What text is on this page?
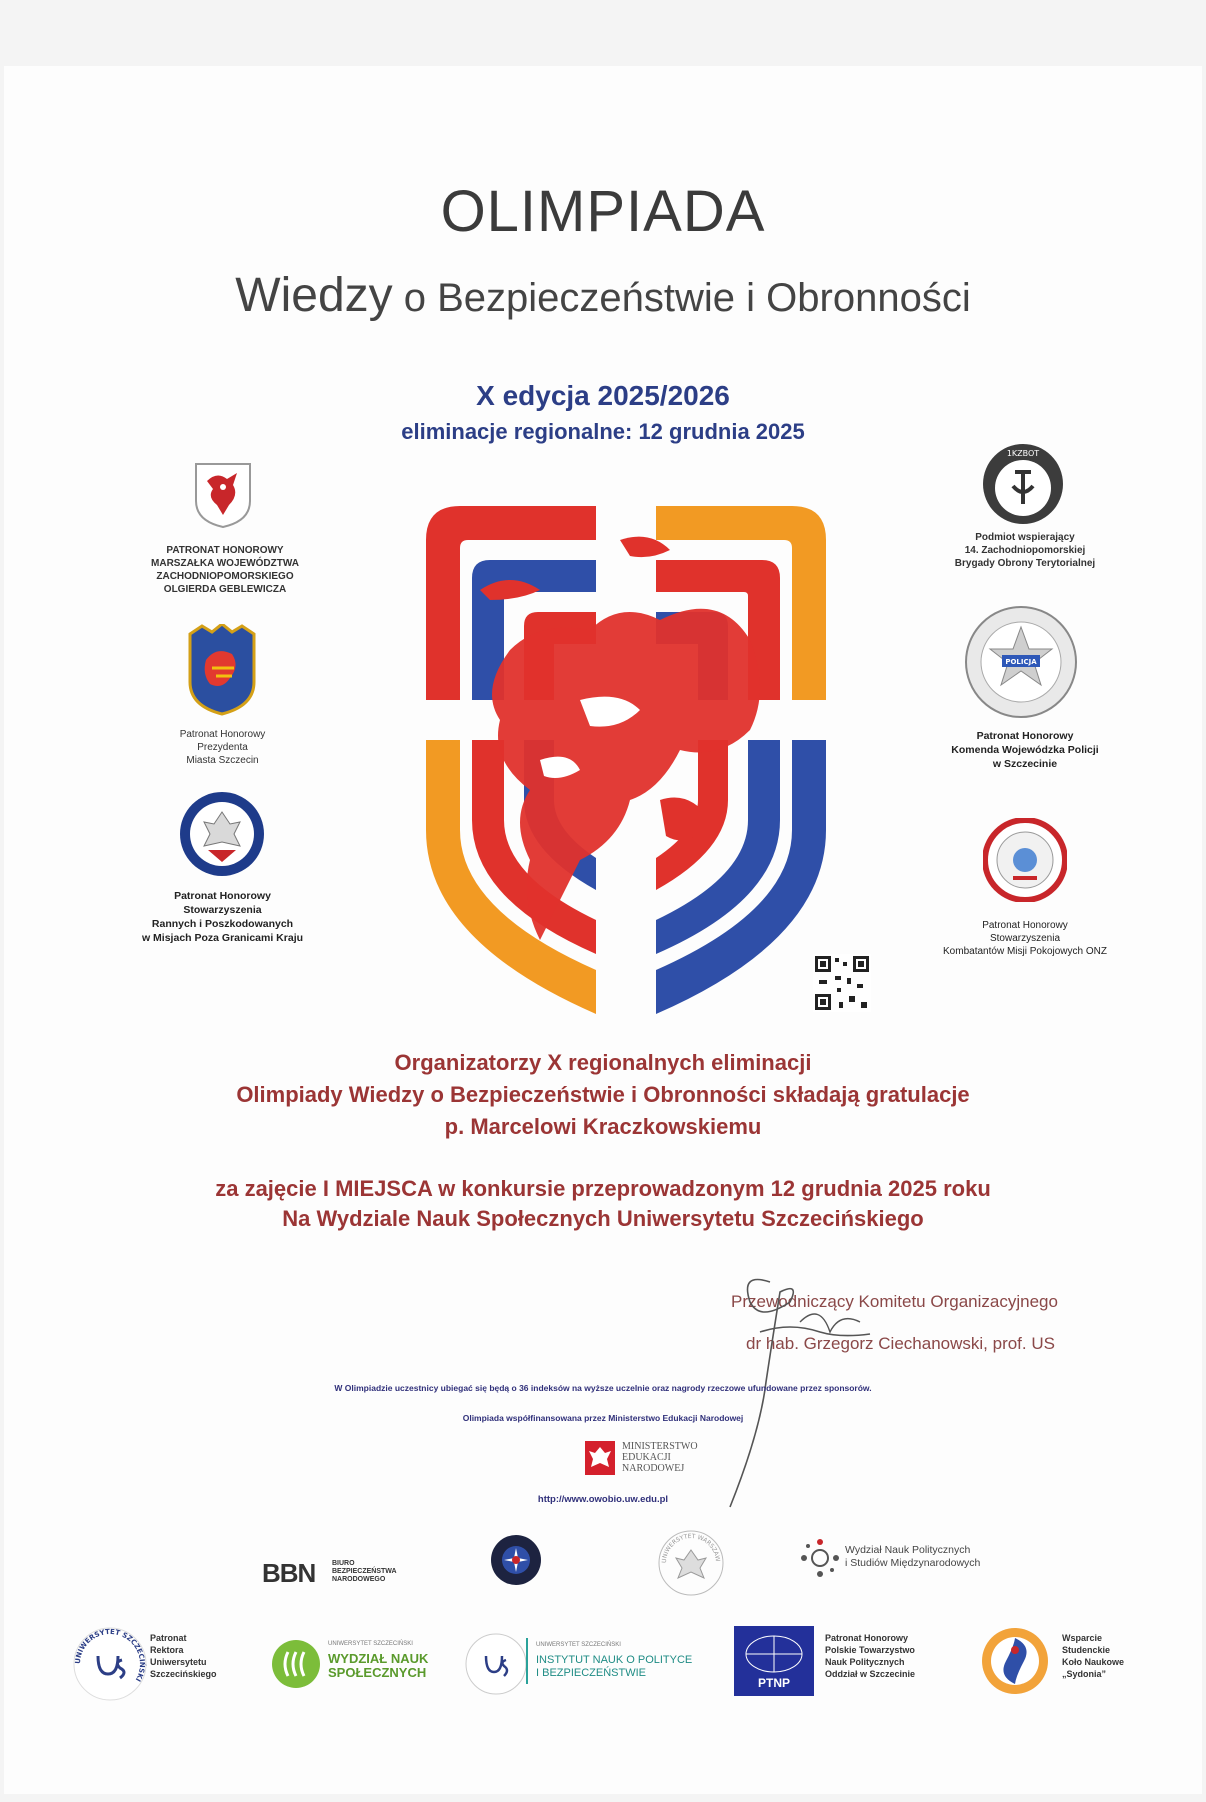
OLIMPIADA
Wiedzy o Bezpieczeństwie i Obronności
X edycja 2025/2026
eliminacje regionalne: 12 grudnia 2025
PATRONAT HONOROWY
MARSZAŁKA WOJEWÓDZTWA
ZACHODNIOPOMORSKIEGO
OLGIERDA GEBLEWICZA
Patronat Honorowy
Prezydenta
Miasta Szczecin
Patronat Honorowy
Stowarzyszenia
Rannych i Poszkodowanych
w Misjach Poza Granicami Kraju
1KZBOT
Podmiot wspierający
14. Zachodniopomorskiej
Brygady Obrony Terytorialnej
POLICJA
Patronat Honorowy
Komenda Wojewódzka Policji
w Szczecinie
Patronat Honorowy
Stowarzyszenia
Kombatantów Misji Pokojowych ONZ
Organizatorzy X regionalnych eliminacji
Olimpiady Wiedzy o Bezpieczeństwie i Obronności składają gratulacje
p. Marcelowi Kraczkowskiemu
za zajęcie I MIEJSCA w konkursie przeprowadzonym 12 grudnia 2025 roku
Na Wydziale Nauk Społecznych Uniwersytetu Szczecińskiego
Przewodniczący Komitetu Organizacyjnego
dr hab. Grzegorz Ciechanowski, prof. US
W Olimpiadzie uczestnicy ubiegać się będą o 36 indeksów na wyższe uczelnie oraz nagrody rzeczowe ufundowane przez sponsorów.
Olimpiada współfinansowana przez Ministerstwo Edukacji Narodowej
MINISTERSTWO
EDUKACJI
NARODOWEJ
http://www.owobio.uw.edu.pl
BBN	BIURO
BEZPIECZEŃSTWA
NARODOWEGO
UNIWERSYTET WARSZAW
Wydział Nauk Politycznych
i Studiów Międzynarodowych
UNIWERSYTET SZCZECIŃSKI
Patronat
Rektora
Uniwersytetu
Szczecińskiego
UNIWERSYTET SZCZECIŃSKI
WYDZIAŁ NAUK
SPOŁECZNYCH
UNIWERSYTET SZCZECIŃSKI
INSTYTUT NAUK O POLITYCE
I BEZPIECZEŃSTWIE
PTNP
Patronat Honorowy
Polskie Towarzystwo
Nauk Politycznych
Oddział w Szczecinie
Wsparcie
Studenckie
Koło Naukowe
„Sydonia”
